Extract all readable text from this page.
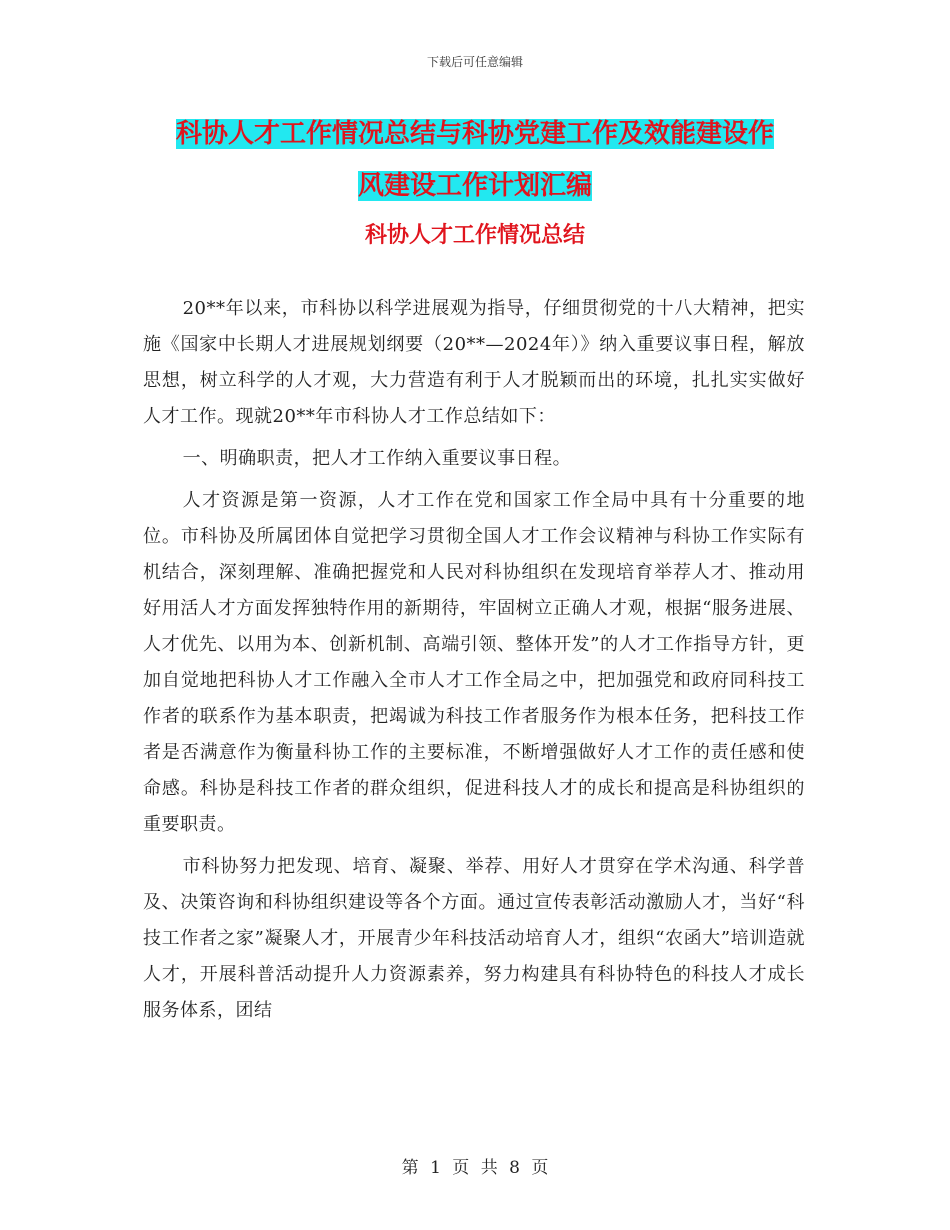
下载后可任意编辑
科协人才工作情况总结与科协党建工作及效能建设作
风建设工作计划汇编
科协人才工作情况总结

20**年以来，市科协以科学进展观为指导，仔细贯彻党的十八大精神，把实施《国家中长期人才进展规划纲要（20**—2024年）》纳入重要议事日程，解放思想，树立科学的人才观，大力营造有利于人才脱颖而出的环境，扎扎实实做好人才工作。现就20**年市科协人才工作总结如下：

一、明确职责，把人才工作纳入重要议事日程。

人才资源是第一资源，人才工作在党和国家工作全局中具有十分重要的地位。市科协及所属团体自觉把学习贯彻全国人才工作会议精神与科协工作实际有机结合，深刻理解、准确把握党和人民对科协组织在发现培育举荐人才、推动用好用活人才方面发挥独特作用的新期待，牢固树立正确人才观，根据“服务进展、人才优先、以用为本、创新机制、高端引领、整体开发”的人才工作指导方针，更加自觉地把科协人才工作融入全市人才工作全局之中，把加强党和政府同科技工作者的联系作为基本职责，把竭诚为科技工作者服务作为根本任务，把科技工作者是否满意作为衡量科协工作的主要标准，不断增强做好人才工作的责任感和使命感。科协是科技工作者的群众组织，促进科技人才的成长和提高是科协组织的重要职责。

市科协努力把发现、培育、凝聚、举荐、用好人才贯穿在学术沟通、科学普及、决策咨询和科协组织建设等各个方面。通过宣传表彰活动激励人才，当好“科技工作者之家”凝聚人才，开展青少年科技活动培育人才，组织“农函大”培训造就人才，开展科普活动提升人力资源素养，努力构建具有科协特色的科技人才成长服务体系，团结

第 1 页 共 8 页
